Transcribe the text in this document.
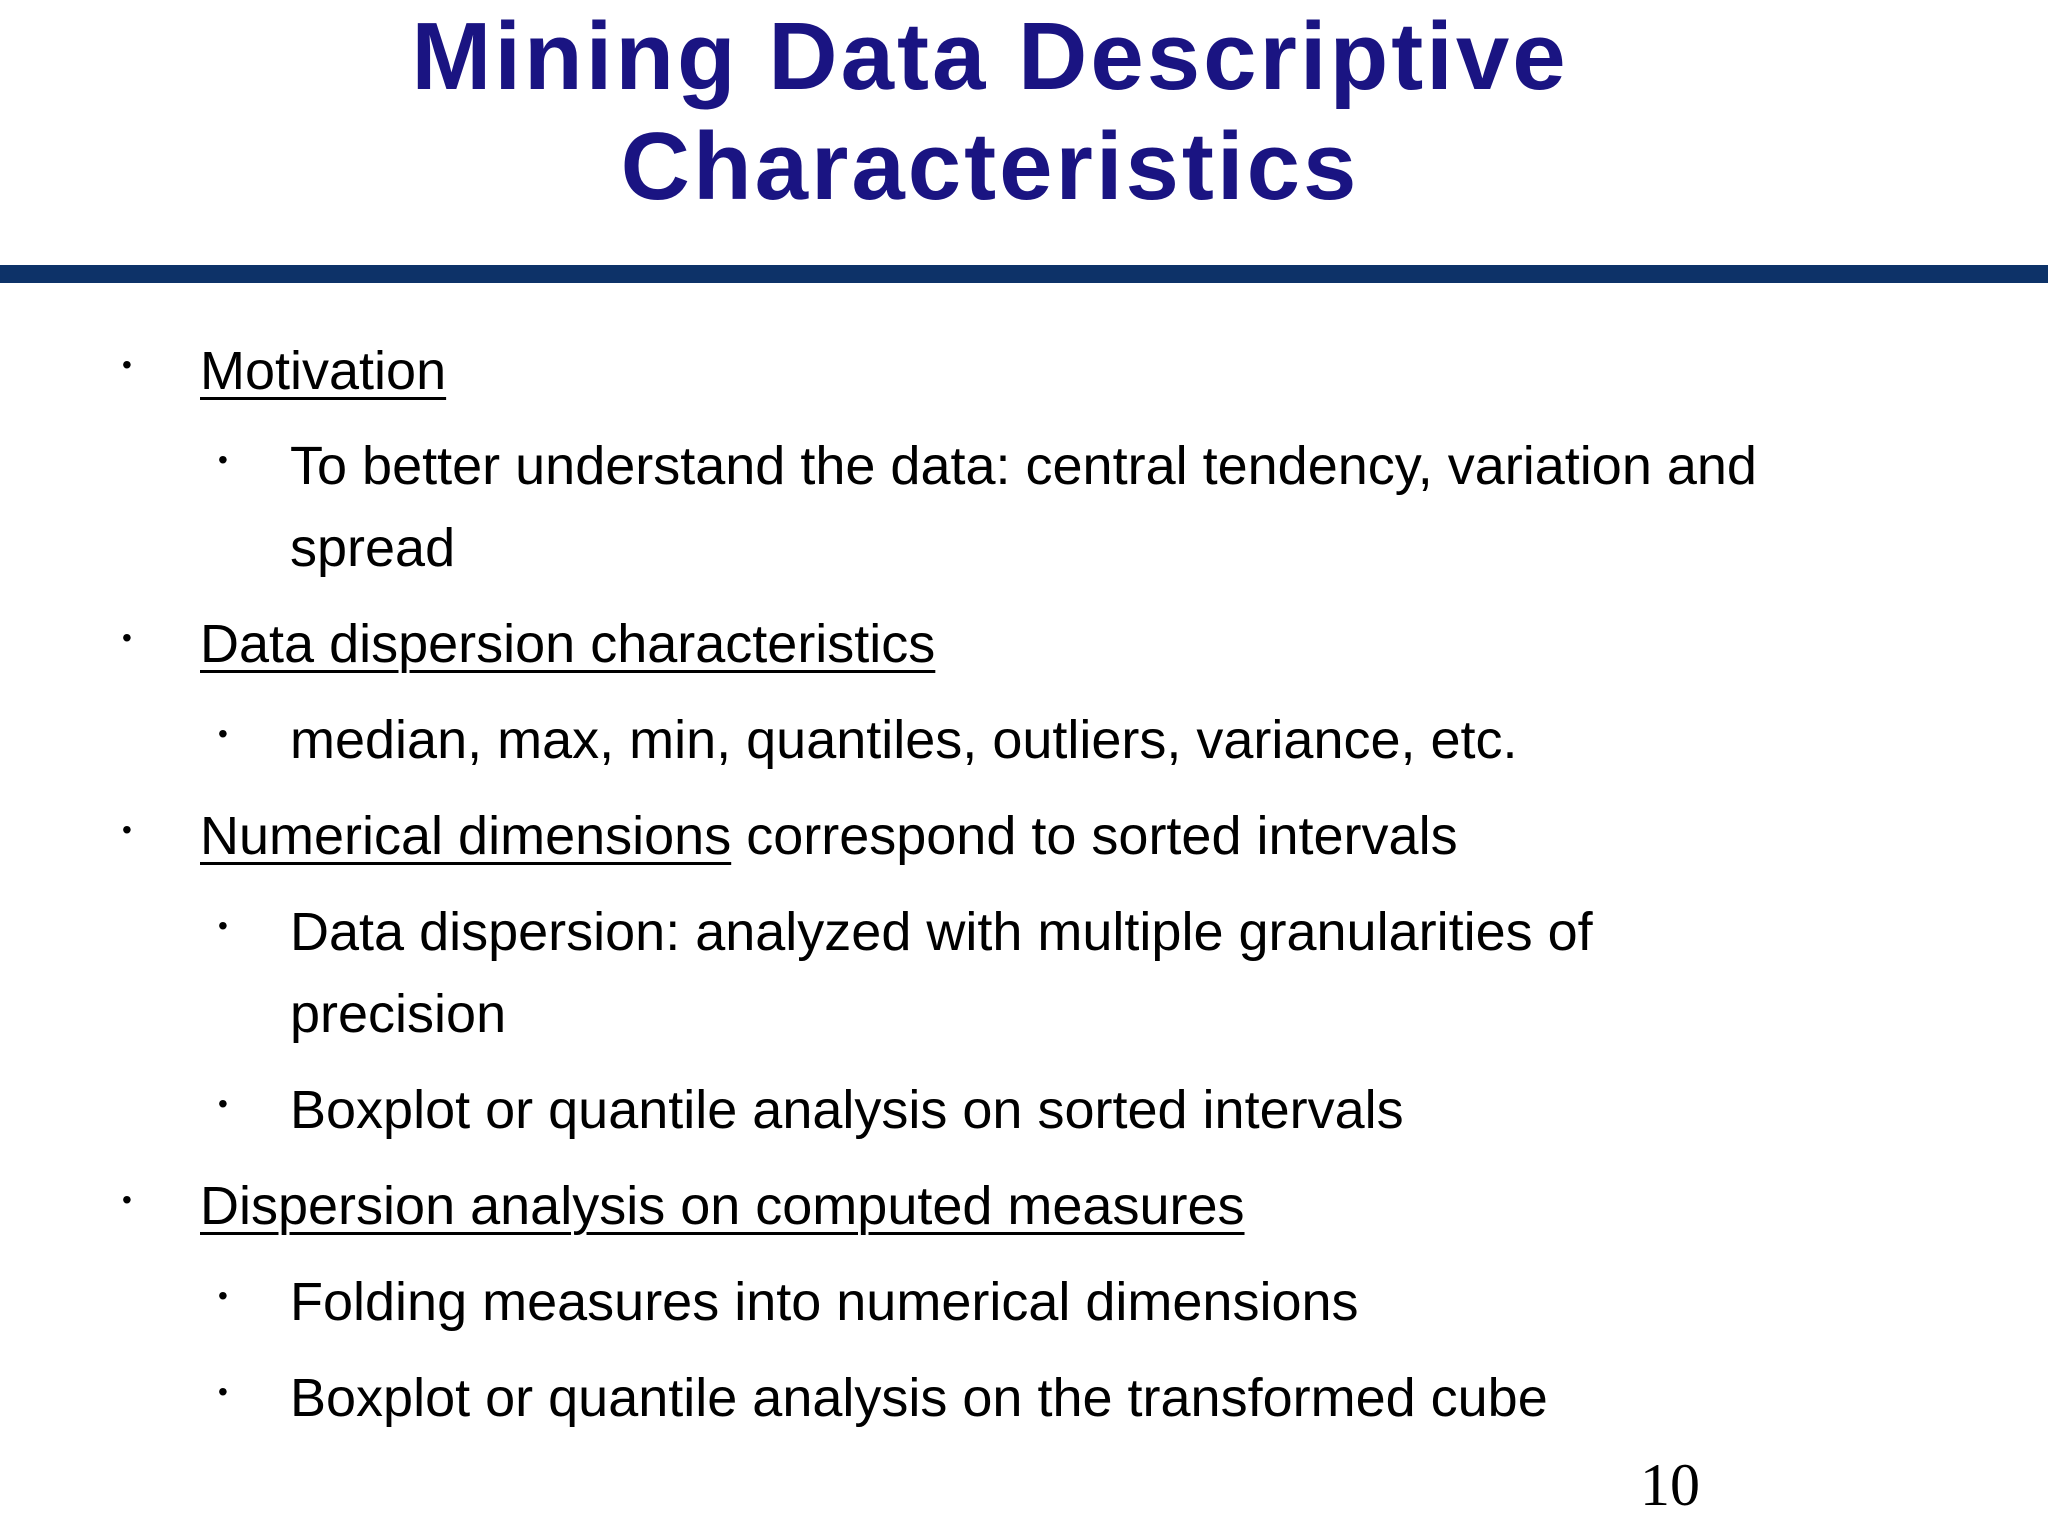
Mining Data Descriptive
Characteristics
• Motivation
• To better understand the data: central tendency, variation and
spread
• Data dispersion characteristics
• median, max, min, quantiles, outliers, variance, etc.
• Numerical dimensions correspond to sorted intervals
• Data dispersion: analyzed with multiple granularities of
precision
• Boxplot or quantile analysis on sorted intervals
• Dispersion analysis on computed measures
• Folding measures into numerical dimensions
• Boxplot or quantile analysis on the transformed cube
10
